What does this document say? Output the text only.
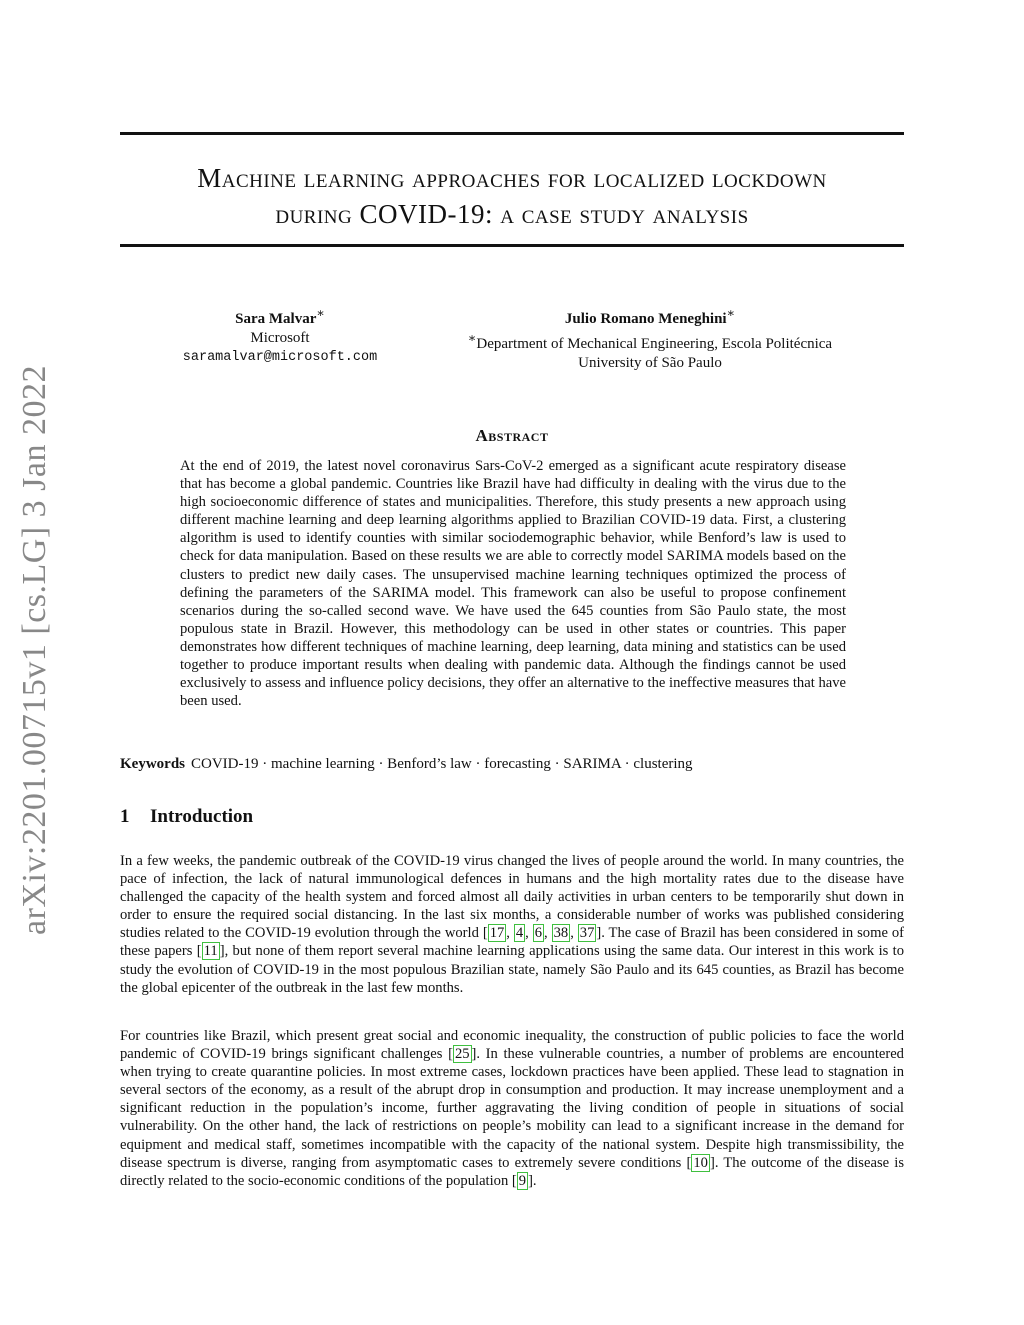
arXiv:2201.00715v1 [cs.LG] 3 Jan 2022
Machine learning approaches for localized lockdown
during COVID-19: a case study analysis
Sara Malvar∗
Microsoft
saramalvar@microsoft.com
Julio Romano Meneghini∗
∗Department of Mechanical Engineering, Escola Politécnica
University of São Paulo
Abstract
At the end of 2019, the latest novel coronavirus Sars-CoV-2 emerged as a significant acute respiratory disease that has become a global pandemic. Countries like Brazil have had difficulty in dealing with the virus due to the high socioeconomic difference of states and municipalities. Therefore, this study presents a new approach using different machine learning and deep learning algorithms applied to Brazilian COVID-19 data. First, a clustering algorithm is used to identify counties with similar sociodemographic behavior, while Benford’s law is used to check for data manipulation. Based on these results we are able to correctly model SARIMA models based on the clusters to predict new daily cases. The unsupervised machine learning techniques optimized the process of defining the parameters of the SARIMA model. This framework can also be useful to propose confinement scenarios during the so-called second wave. We have used the 645 counties from São Paulo state, the most populous state in Brazil. However, this methodology can be used in other states or countries. This paper demonstrates how different techniques of machine learning, deep learning, data mining and statistics can be used together to produce important results when dealing with pandemic data. Although the findings cannot be used exclusively to assess and influence policy decisions, they offer an alternative to the ineffective measures that have been used.
Keywords COVID-19 · machine learning · Benford’s law · forecasting · SARIMA · clustering
1 Introduction
In a few weeks, the pandemic outbreak of the COVID-19 virus changed the lives of people around the world. In many countries, the pace of infection, the lack of natural immunological defences in humans and the high mortality rates due to the disease have challenged the capacity of the health system and forced almost all daily activities in urban centers to be temporarily shut down in order to ensure the required social distancing. In the last six months, a considerable number of works was published considering studies related to the COVID-19 evolution through the world [ 17 , 4 , 6 , 38 , 37 ]. The case of Brazil has been considered in some of these papers [ 11 ], but none of them report several machine learning applications using the same data. Our interest in this work is to study the evolution of COVID-19 in the most populous Brazilian state, namely São Paulo and its 645 counties, as Brazil has become the global epicenter of the outbreak in the last few months.
For countries like Brazil, which present great social and economic inequality, the construction of public policies to face the world pandemic of COVID-19 brings significant challenges [ 25 ]. In these vulnerable countries, a number of problems are encountered when trying to create quarantine policies. In most extreme cases, lockdown practices have been applied. These lead to stagnation in several sectors of the economy, as a result of the abrupt drop in consumption and production. It may increase unemployment and a significant reduction in the population’s income, further aggravating the living condition of people in situations of social vulnerability. On the other hand, the lack of restrictions on people’s mobility can lead to a significant increase in the demand for equipment and medical staff, sometimes incompatible with the capacity of the national system. Despite high transmissibility, the disease spectrum is diverse, ranging from asymptomatic cases to extremely severe conditions [ 10 ]. The outcome of the disease is directly related to the socio-economic conditions of the population [ 9 ].
